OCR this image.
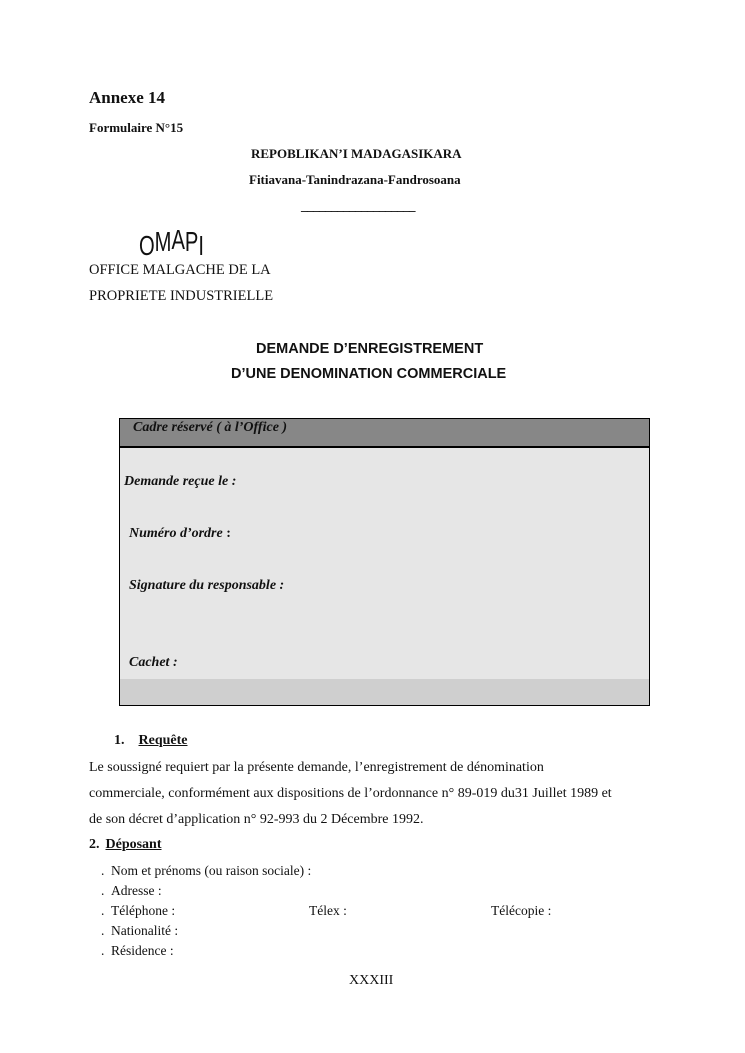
Annexe 14
Formulaire N°15
REPOBLIKAN’I MADAGASIKARA
Fitiavana-Tanindrazana-Fandrosoana
___________________
OMAPI
OFFICE MALGACHE DE LA
PROPRIETE INDUSTRIELLE
DEMANDE D’ENREGISTREMENT
D’UNE DENOMINATION COMMERCIALE
Cadre réservé ( à l’Office )
Demande reçue le :
Numéro d’ordre :
Signature du responsable :
Cachet :
1. Requête
Le soussigné requiert par la présente demande, l’enregistrement de dénomination
commerciale, conformément aux dispositions de l’ordonnance n° 89-019 du31 Juillet 1989 et
de son décret d’application n° 92-993 du 2 Décembre 1992.
2. Déposant
. Nom et prénoms (ou raison sociale) :
. Adresse :
. Téléphone :	Télex :	Télécopie :
. Nationalité :
. Résidence :
XXXIII
